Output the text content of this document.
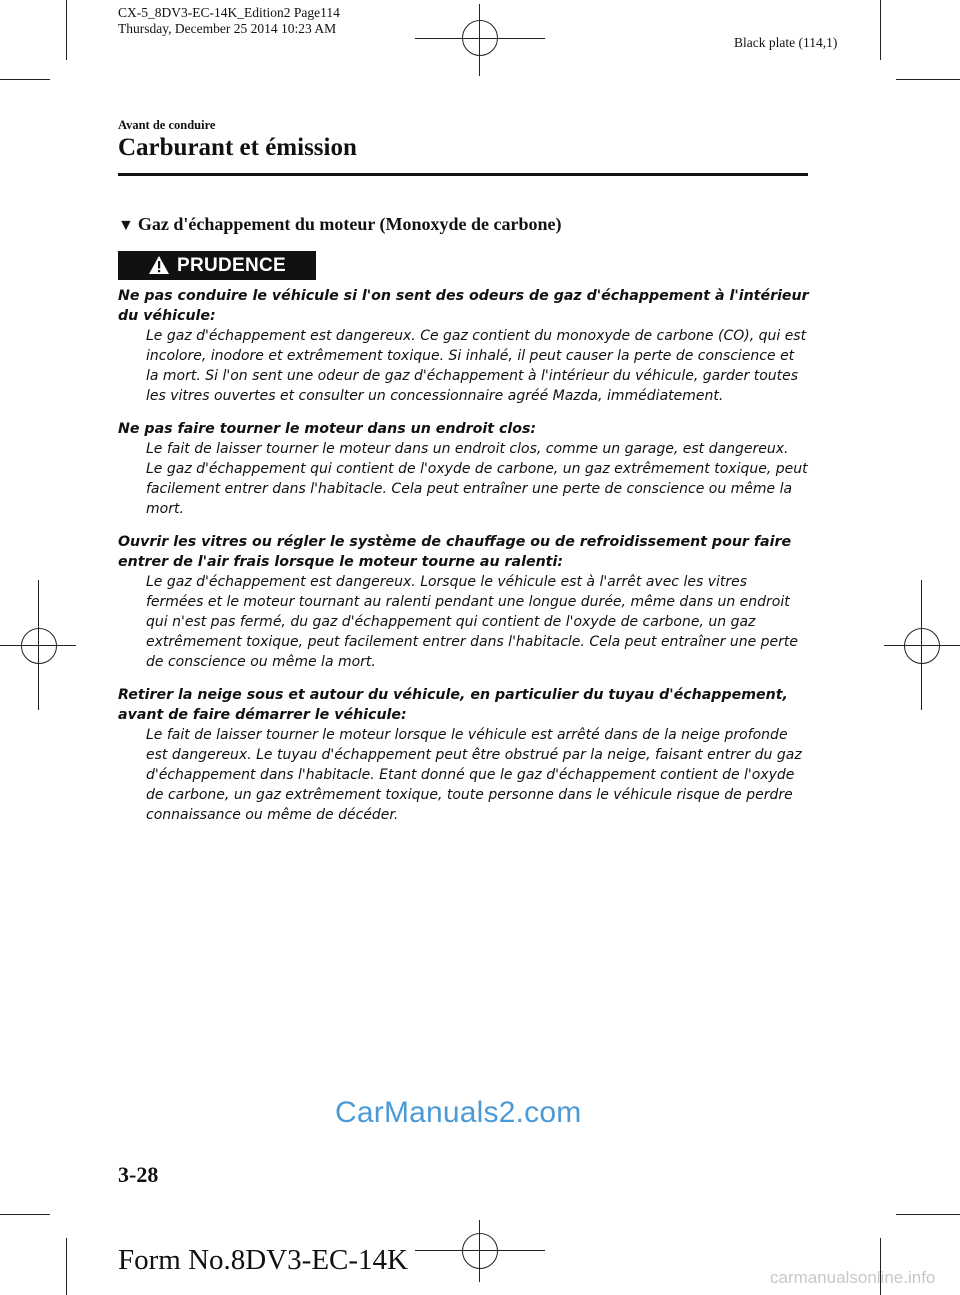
CX-5_8DV3-EC-14K_Edition2 Page114
Thursday, December 25 2014 10:23 AM
Black plate (114,1)
Avant de conduire
Carburant et émission
▼ Gaz d'échappement du moteur (Monoxyde de carbone)
PRUDENCE

Ne pas conduire le véhicule si l'on sent des odeurs de gaz d'échappement à l'intérieur du véhicule:

Le gaz d'échappement est dangereux. Ce gaz contient du monoxyde de carbone (CO), qui est incolore, inodore et extrêmement toxique. Si inhalé, il peut causer la perte de conscience et la mort. Si l'on sent une odeur de gaz d'échappement à l'intérieur du véhicule, garder toutes les vitres ouvertes et consulter un concessionnaire agréé Mazda, immédiatement.

Ne pas faire tourner le moteur dans un endroit clos:

Le fait de laisser tourner le moteur dans un endroit clos, comme un garage, est dangereux. Le gaz d'échappement qui contient de l'oxyde de carbone, un gaz extrêmement toxique, peut facilement entrer dans l'habitacle. Cela peut entraîner une perte de conscience ou même la mort.

Ouvrir les vitres ou régler le système de chauffage ou de refroidissement pour faire entrer de l'air frais lorsque le moteur tourne au ralenti:

Le gaz d'échappement est dangereux. Lorsque le véhicule est à l'arrêt avec les vitres fermées et le moteur tournant au ralenti pendant une longue durée, même dans un endroit qui n'est pas fermé, du gaz d'échappement qui contient de l'oxyde de carbone, un gaz extrêmement toxique, peut facilement entrer dans l'habitacle. Cela peut entraîner une perte de conscience ou même la mort.

Retirer la neige sous et autour du véhicule, en particulier du tuyau d'échappement, avant de faire démarrer le véhicule:

Le fait de laisser tourner le moteur lorsque le véhicule est arrêté dans de la neige profonde est dangereux. Le tuyau d'échappement peut être obstrué par la neige, faisant entrer du gaz d'échappement dans l'habitacle. Etant donné que le gaz d'échappement contient de l'oxyde de carbone, un gaz extrêmement toxique, toute personne dans le véhicule risque de perdre connaissance ou même de décéder.

CarManuals2.com
3-28
Form No.8DV3-EC-14K
carmanualsonline.info
